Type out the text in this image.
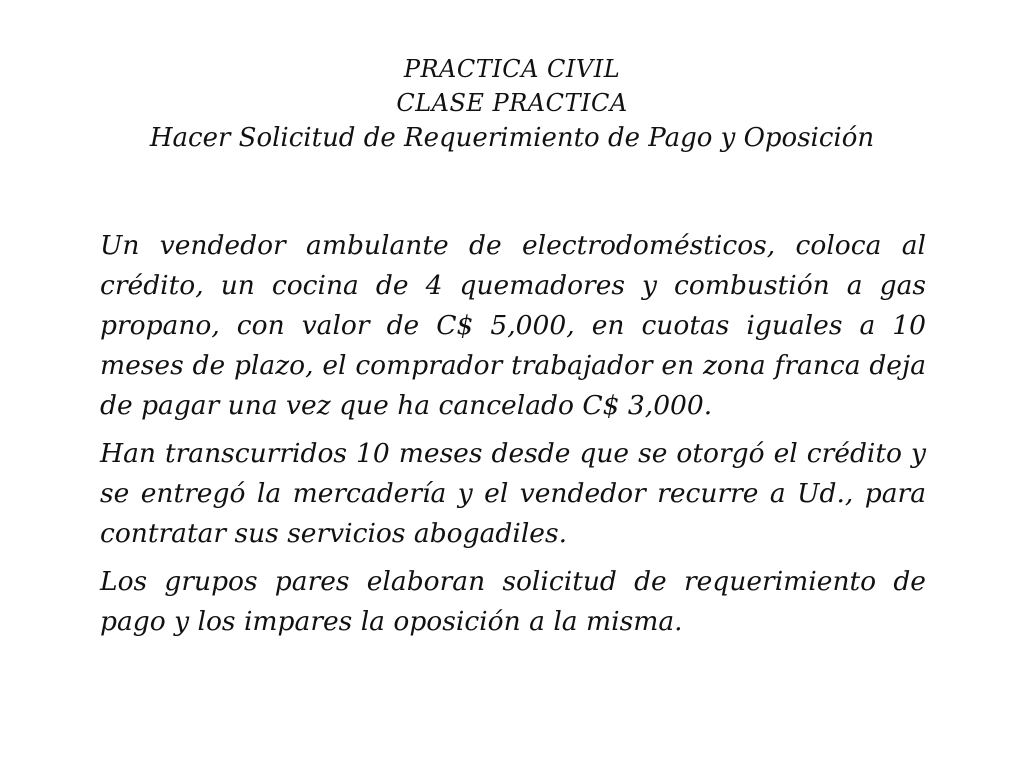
PRACTICA CIVIL
CLASE PRACTICA
Hacer Solicitud de Requerimiento de Pago y Oposición

Un vendedor ambulante de electrodomésticos, coloca al crédito, un cocina de 4 quemadores y combustión a gas propano, con valor de C$ 5,000, en cuotas iguales a 10 meses de plazo, el comprador trabajador en zona franca deja de pagar una vez que ha cancelado C$ 3,000.

Han transcurridos 10 meses desde que se otorgó el crédito y se entregó la mercadería y el vendedor recurre a Ud., para contratar sus servicios abogadiles.

Los grupos pares elaboran solicitud de requerimiento de pago y los impares la oposición a la misma.
